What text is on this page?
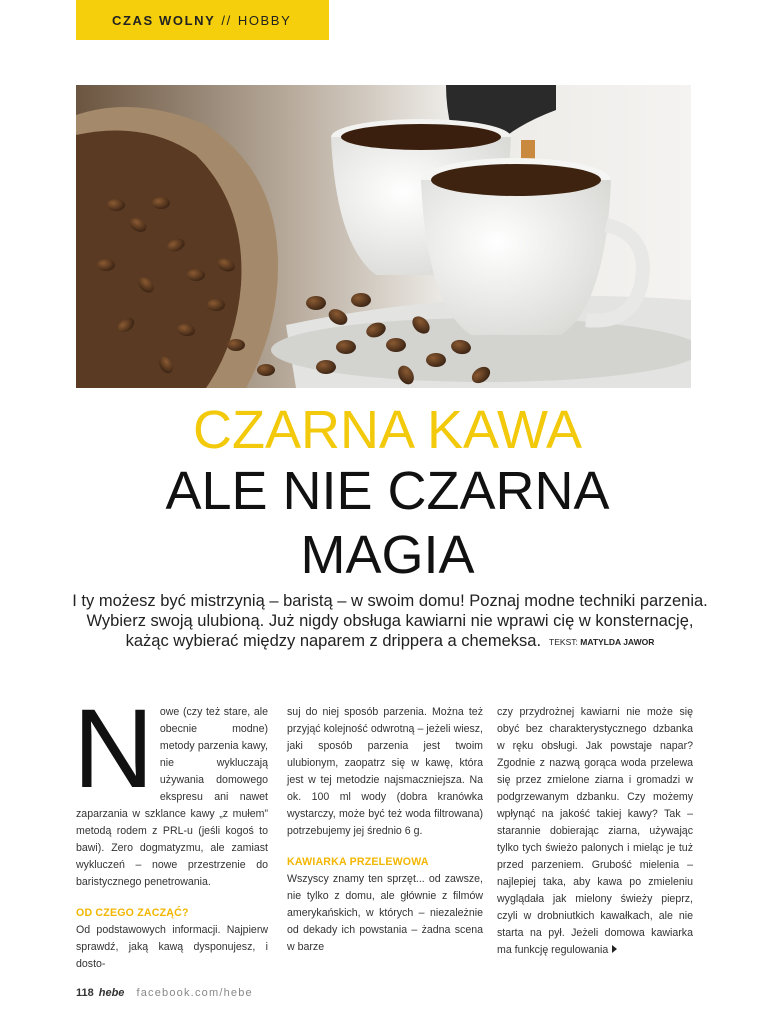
CZAS WOLNY // HOBBY
CZARNA KAWA
ALE NIE CZARNA
MAGIA
I ty możesz być mistrzynią – baristą – w swoim domu! Poznaj modne techniki parzenia. Wybierz swoją ulubioną. Już nigdy obsługa kawiarni nie wprawi cię w konsternację, każąc wybierać między naparem z drippera a chemeksa. TEKST: MATYLDA JAWOR
N owe (czy też stare, ale obecnie modne) metody parzenia kawy, nie wykluczają używania domowego ekspresu ani nawet zaparzania w szklance kawy „z mułem” metodą rodem z PRL-u (jeśli kogoś to bawi). Zero dogmatyzmu, ale zamiast wykluczeń – nowe przestrzenie do baristycznego penetrowania.

OD CZEGO ZACZĄĆ?

Od podstawowych informacji. Najpierw sprawdź, jaką kawą dysponujesz, i dosto-

suj do niej sposób parzenia. Można też przyjąć kolejność odwrotną – jeżeli wiesz, jaki sposób parzenia jest twoim ulubionym, zaopatrz się w kawę, która jest w tej metodzie najsmaczniejsza. Na ok. 100 ml wody (dobra kranówka wystarczy, może być też woda filtrowana) potrzebujemy jej średnio 6 g.

KAWIARKA PRZELEWOWA

Wszyscy znamy ten sprzęt... od zawsze, nie tylko z domu, ale głównie z filmów amerykańskich, w których – niezależnie od dekady ich powstania – żadna scena w barze

czy przydrożnej kawiarni nie może się obyć bez charakterystycznego dzbanka w ręku obsługi. Jak powstaje napar? Zgodnie z nazwą gorąca woda przelewa się przez zmielone ziarna i gromadzi w podgrzewanym dzbanku. Czy możemy wpłynąć na jakość takiej kawy? Tak – starannie dobierając ziarna, używając tylko tych świeżo palonych i mieląc je tuż przed parzeniem. Grubość mielenia – najlepiej taka, aby kawa po zmieleniu wyglądała jak mielony świeży pieprz, czyli w drobniutkich kawałkach, ale nie starta na pył. Jeżeli domowa kawiarka ma funkcję regulowania

118 hebe facebook.com/hebe
